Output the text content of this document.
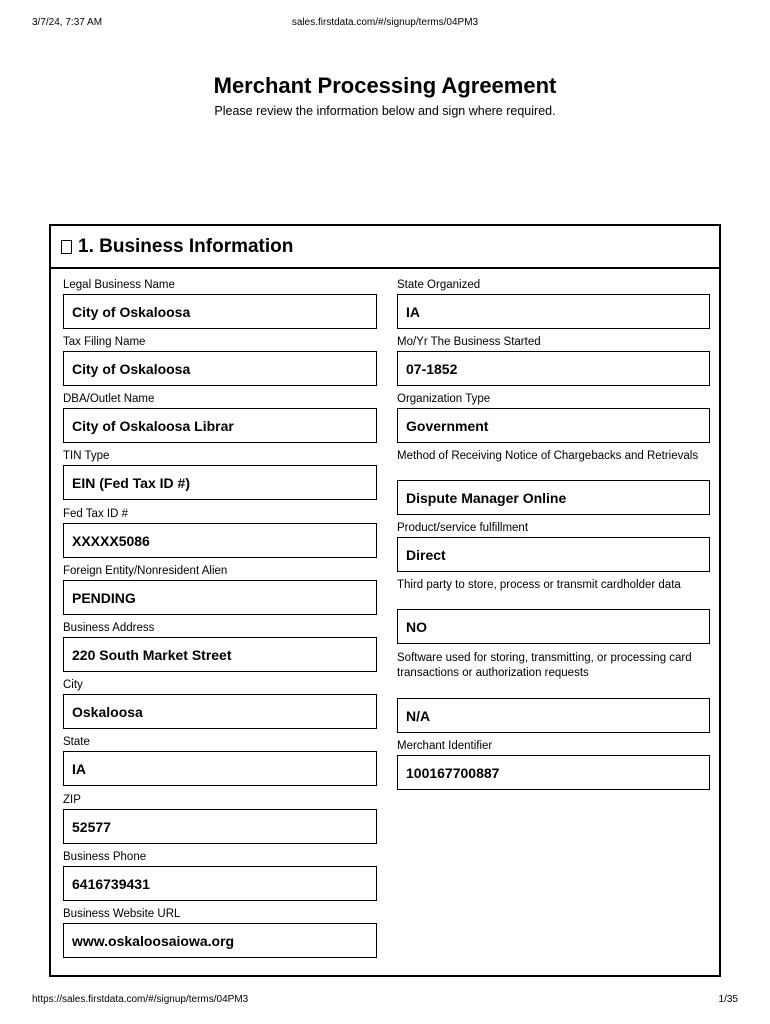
3/7/24, 7:37 AM	sales.firstdata.com/#/signup/terms/04PM3
Merchant Processing Agreement

Please review the information below and sign where required.

1. Business Information
Legal Business Name
City of Oskaloosa
Tax Filing Name
City of Oskaloosa
DBA/Outlet Name
City of Oskaloosa Librar
TIN Type
EIN (Fed Tax ID #)
Fed Tax ID #
XXXXX5086
Foreign Entity/Nonresident Alien
PENDING
Business Address
220 South Market Street
City
Oskaloosa
State
IA
ZIP
52577
Business Phone
6416739431
Business Website URL
www.oskaloosaiowa.org
State Organized
IA
Mo/Yr The Business Started
07-1852
Organization Type
Government
Method of Receiving Notice of Chargebacks and Retrievals
Dispute Manager Online
Product/service fulfillment
Direct
Third party to store, process or transmit cardholder data
NO
Software used for storing, transmitting, or processing card transactions or authorization requests
N/A
Merchant Identifier
100167700887
https://sales.firstdata.com/#/signup/terms/04PM3	1/35
